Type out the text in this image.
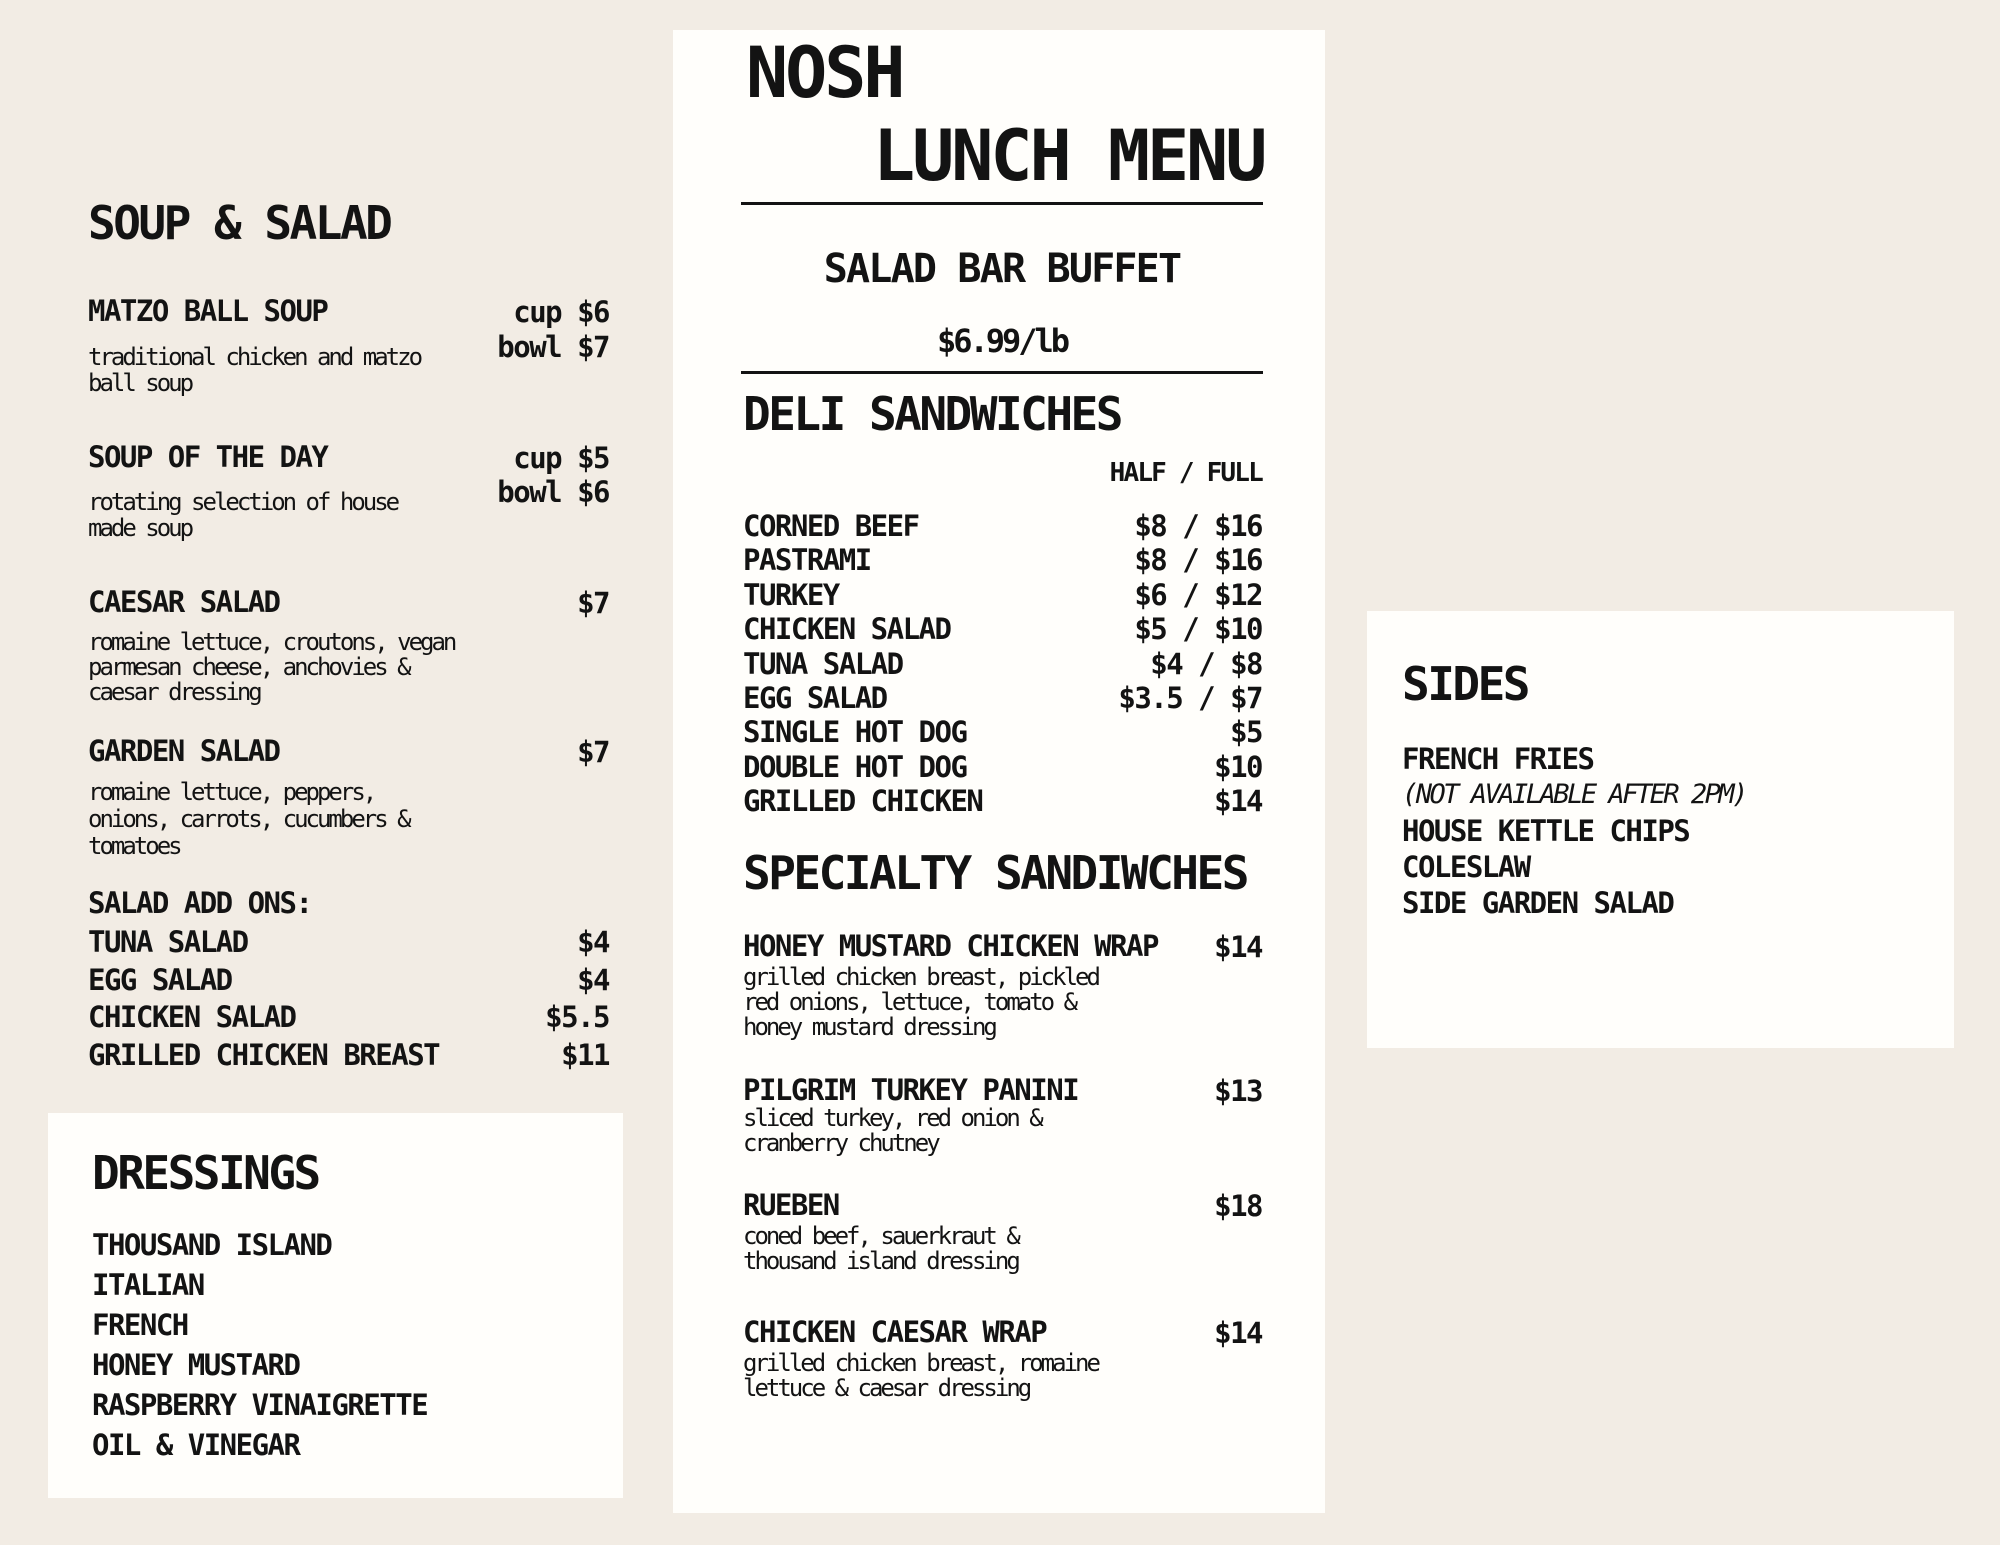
SOUP & SALAD
MATZO BALL SOUP	cup $6
bowl $7
traditional chicken and matzo
ball soup
SOUP OF THE DAY	cup $5
bowl $6
rotating selection of house
made soup
CAESAR SALAD	$7
romaine lettuce, croutons, vegan
parmesan cheese, anchovies &
caesar dressing
GARDEN SALAD	$7
romaine lettuce, peppers,
onions, carrots, cucumbers &
tomatoes
SALAD ADD ONS:
TUNA SALAD	$4
EGG SALAD	$4
CHICKEN SALAD	$5.5
GRILLED CHICKEN BREAST	$11
DRESSINGS
THOUSAND ISLAND
ITALIAN
FRENCH
HONEY MUSTARD
RASPBERRY VINAIGRETTE
OIL & VINEGAR
NOSH
LUNCH MENU
SALAD BAR BUFFET
$6.99/lb
DELI SANDWICHES
HALF / FULL
CORNED BEEF	$8 / $16
PASTRAMI	$8 / $16
TURKEY	$6 / $12
CHICKEN SALAD	$5 / $10
TUNA SALAD	$4 / $8
EGG SALAD	$3.5 / $7
SINGLE HOT DOG	$5
DOUBLE HOT DOG	$10
GRILLED CHICKEN	$14
SPECIALTY SANDIWCHES
HONEY MUSTARD CHICKEN WRAP $14
grilled chicken breast, pickled
red onions, lettuce, tomato &
honey mustard dressing
PILGRIM TURKEY PANINI	$13
sliced turkey, red onion &
cranberry chutney
RUEBEN	$18
coned beef, sauerkraut &
thousand island dressing
CHICKEN CAESAR WRAP	$14
grilled chicken breast, romaine
lettuce & caesar dressing
SIDES
FRENCH FRIES
(NOT AVAILABLE AFTER 2PM)
HOUSE KETTLE CHIPS
COLESLAW
SIDE GARDEN SALAD
